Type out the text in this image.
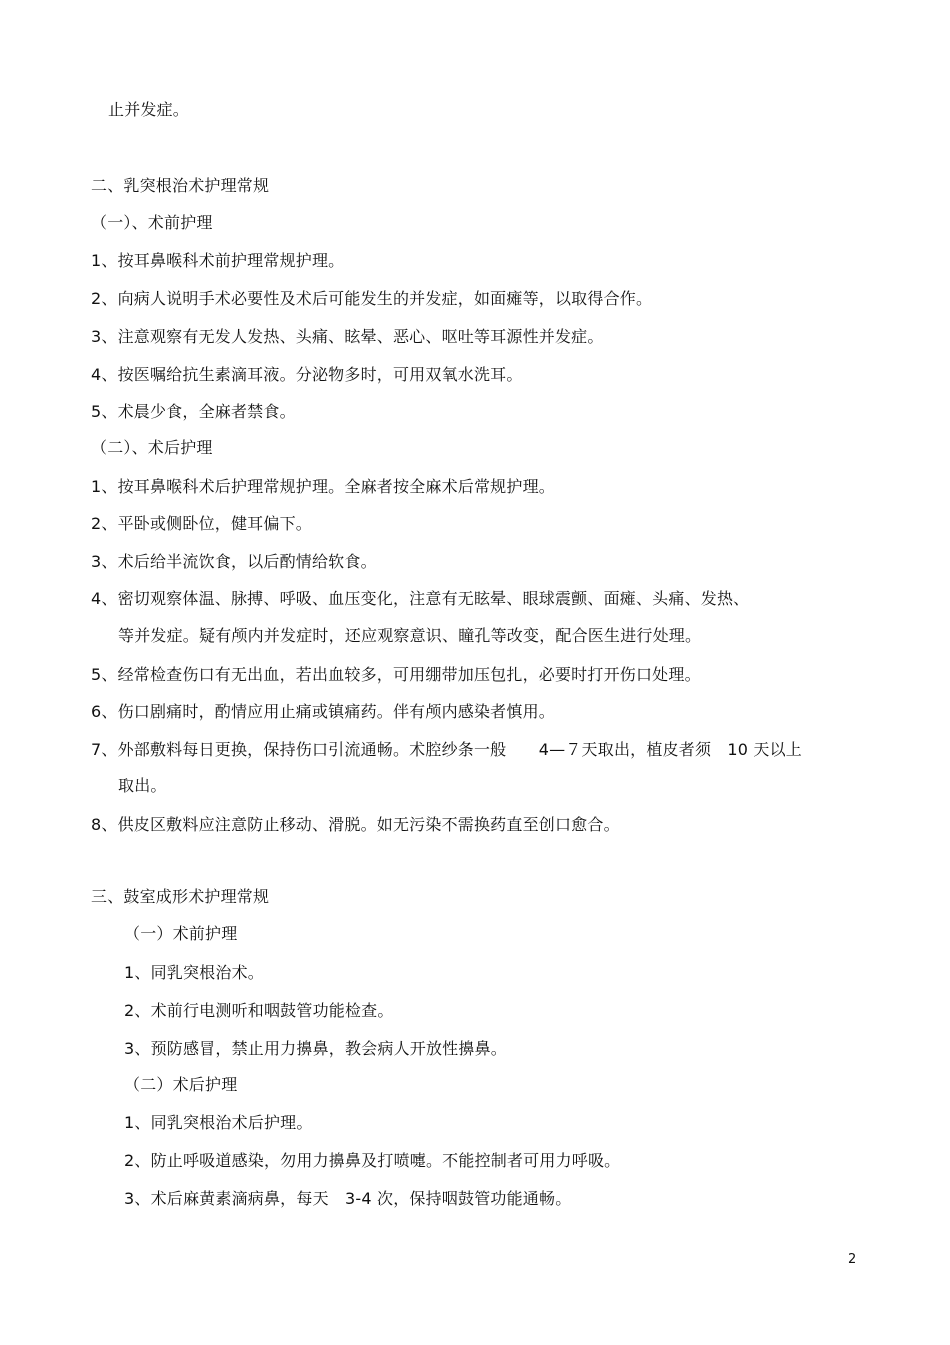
止并发症。
二、乳突根治术护理常规
（一）、术前护理
1、按耳鼻喉科术前护理常规护理。
2、向病人说明手术必要性及术后可能发生的并发症，如面瘫等，以取得合作。
3、注意观察有无发人发热、头痛、眩晕、恶心、呕吐等耳源性并发症。
4、按医嘱给抗生素滴耳液。分泌物多时，可用双氧水洗耳。
5、术晨少食，全麻者禁食。
（二）、术后护理
1、按耳鼻喉科术后护理常规护理。全麻者按全麻术后常规护理。
2、平卧或侧卧位，健耳偏下。
3、术后给半流饮食，以后酌情给软食。
4、密切观察体温、脉搏、呼吸、血压变化，注意有无眩晕、眼球震颤、面瘫、头痛、发热、
等并发症。疑有颅内并发症时，还应观察意识、瞳孔等改变，配合医生进行处理。
5、经常检查伤口有无出血，若出血较多，可用绷带加压包扎，必要时打开伤口处理。
6、伤口剧痛时，酌情应用止痛或镇痛药。伴有颅内感染者慎用。
7、外部敷料每日更换，保持伤口引流通畅。术腔纱条一般　　4—７天取出，植皮者须　10 天以上
取出。
8、供皮区敷料应注意防止移动、滑脱。如无污染不需换药直至创口愈合。
三、鼓室成形术护理常规
（一）术前护理
1、同乳突根治术。
2、术前行电测听和咽鼓管功能检查。
3、预防感冒，禁止用力擤鼻，教会病人开放性擤鼻。
（二）术后护理
1、同乳突根治术后护理。
2、防止呼吸道感染，勿用力擤鼻及打喷嚏。不能控制者可用力呼吸。
3、术后麻黄素滴病鼻，每天　3-4 次，保持咽鼓管功能通畅。
2
